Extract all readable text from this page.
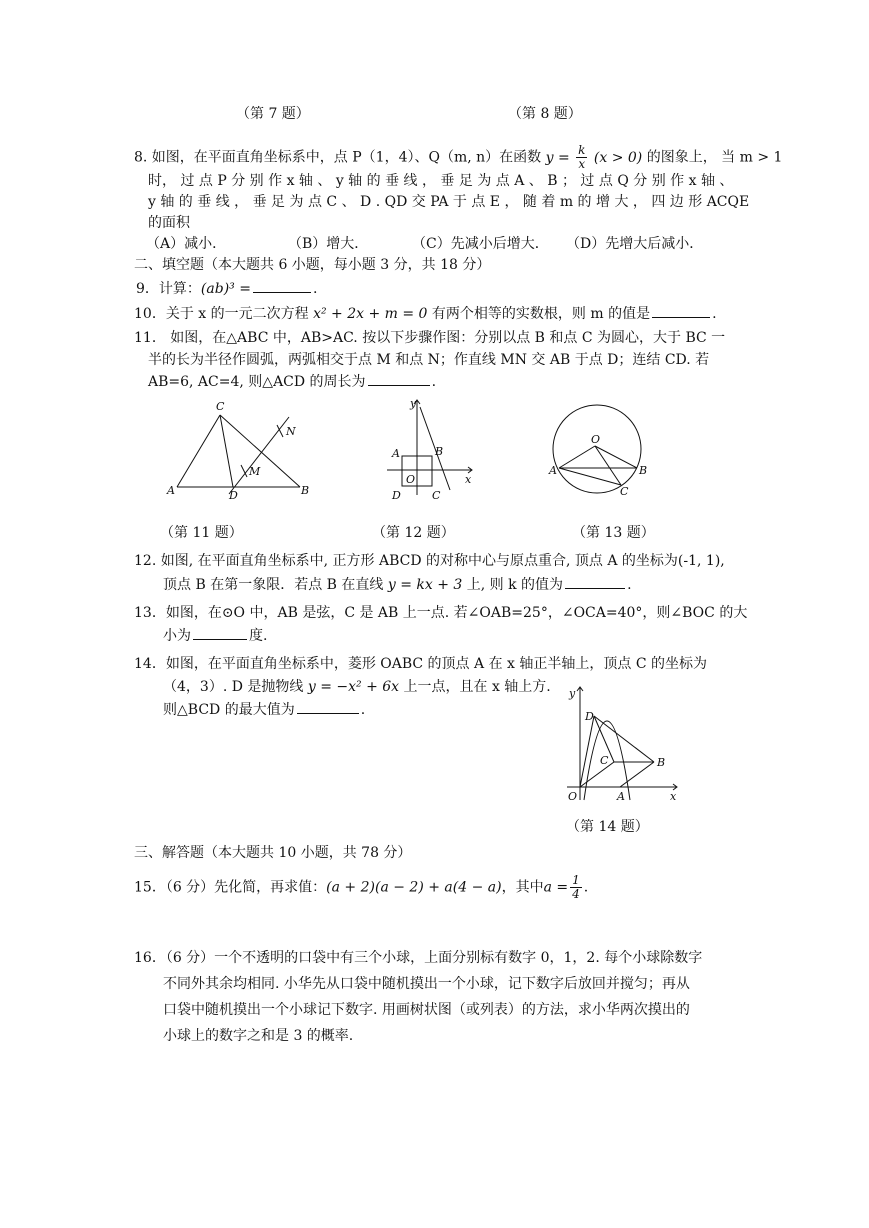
（第 7 题）	（第 8 题）
8. 如图，在平面直角坐标系中，点 P（1，4）、Q（m, n）在函数 $y = \frac{k}{x} (x > 0)$ 的图象上， 当 m > 1
时， 过 点 P 分 别 作 x 轴 、 y 轴 的 垂 线 ， 垂 足 为 点 A 、 B ； 过 点 Q 分 别 作 x 轴 、
y 轴 的 垂 线 ， 垂 足 为 点 C 、 D . QD 交 PA 于 点 E ， 随 着 m 的 增 大 ， 四 边 形 ACQE
的面积
（A）减小．	（B）增大．	（C）先减小后增大． （D）先增大后减小．
二、填空题（本大题共 6 小题，每小题 3 分，共 18 分）
9．计算：(ab)³ =	.
10．关于 x 的一元二次方程 x² + 2x + m = 0 有两个相等的实数根，则 m 的值是	.
11． 如图，在△ABC 中，AB>AC. 按以下步骤作图：分别以点 B 和点 C 为圆心，大于 BC 一
半的长为半径作圆弧，两弧相交于点 M 和点 N；作直线 MN 交 AB 于点 D；连结 CD. 若
AB=6, AC=4, 则△ACD 的周长为	.
C
N
M
A	D	B
y
A	B
O
D	C
x
O
A	B
C
（第 11 题）	（第 12 题）	（第 13 题）
12. 如图, 在平面直角坐标系中, 正方形 ABCD 的对称中心与原点重合, 顶点 A 的坐标为(-1, 1),
顶点 B 在第一象限．若点 B 在直线 y = kx + 3 上, 则 k 的值为	.
13．如图，在⊙O 中，AB 是弦，C 是 AB 上一点. 若∠OAB=25°，∠OCA=40°，则∠BOC 的大
小为	度.
14．如图，在平面直角坐标系中，菱形 OABC 的顶点 A 在 x 轴正半轴上，顶点 C 的坐标为
（4，3）. D 是抛物线 y = −x² + 6x 上一点，且在 x 轴上方.
则△BCD 的最大值为	.
y
D
C	B
O	A	x
（第 14 题）
三、解答题（本大题共 10 小题，共 78 分）
15．（6 分）先化简，再求值：(a + 2)(a − 2) + a(4 − a)，其中$a = \frac{1}{4}$ .
16．（6 分）一个不透明的口袋中有三个小球，上面分别标有数字 0，1，2. 每个小球除数字
不同外其余均相同. 小华先从口袋中随机摸出一个小球，记下数字后放回并搅匀；再从
口袋中随机摸出一个小球记下数字. 用画树状图（或列表）的方法，求小华两次摸出的
小球上的数字之和是 3 的概率.
